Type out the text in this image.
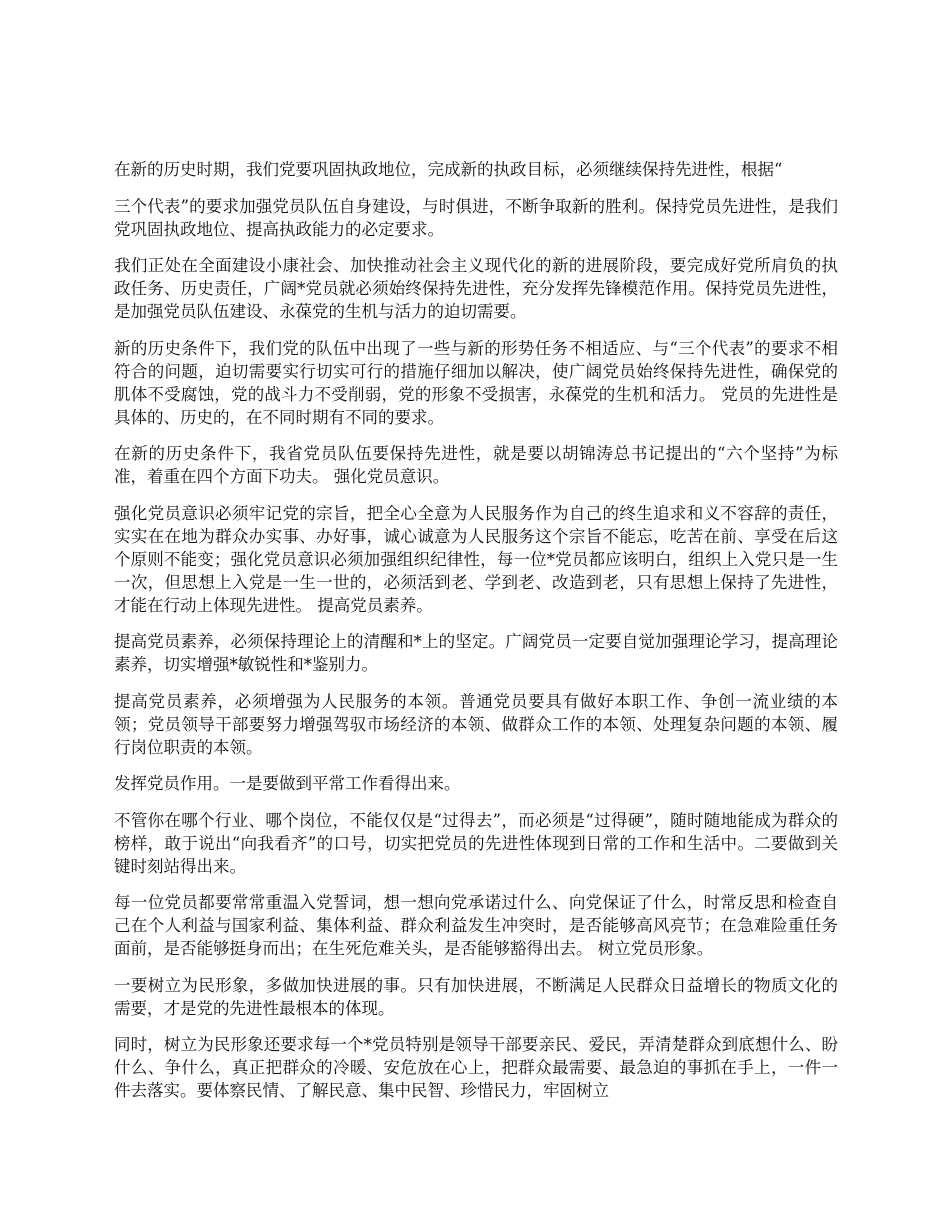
在新的历史时期，我们党要巩固执政地位，完成新的执政目标，必须继续保持先进性，根据“

三个代表”的要求加强党员队伍自身建设，与时俱进，不断争取新的胜利。保持党员先进性，是我们党巩固执政地位、提高执政能力的必定要求。

我们正处在全面建设小康社会、加快推动社会主义现代化的新的进展阶段，要完成好党所肩负的执政任务、历史责任，广阔*党员就必须始终保持先进性，充分发挥先锋模范作用。保持党员先进性，是加强党员队伍建设、永葆党的生机与活力的迫切需要。

新的历史条件下，我们党的队伍中出现了一些与新的形势任务不相适应、与“三个代表”的要求不相符合的问题，迫切需要实行切实可行的措施仔细加以解决，使广阔党员始终保持先进性，确保党的肌体不受腐蚀，党的战斗力不受削弱，党的形象不受损害，永葆党的生机和活力。 党员的先进性是具体的、历史的，在不同时期有不同的要求。

在新的历史条件下，我省党员队伍要保持先进性，就是要以胡锦涛总书记提出的“六个坚持”为标准，着重在四个方面下功夫。 强化党员意识。

强化党员意识必须牢记党的宗旨，把全心全意为人民服务作为自己的终生追求和义不容辞的责任，实实在在地为群众办实事、办好事，诚心诚意为人民服务这个宗旨不能忘，吃苦在前、享受在后这个原则不能变；强化党员意识必须加强组织纪律性，每一位*党员都应该明白，组织上入党只是一生一次，但思想上入党是一生一世的，必须活到老、学到老、改造到老，只有思想上保持了先进性，才能在行动上体现先进性。 提高党员素养。

提高党员素养，必须保持理论上的清醒和*上的坚定。广阔党员一定要自觉加强理论学习，提高理论素养，切实增强*敏锐性和*鉴别力。

提高党员素养，必须增强为人民服务的本领。普通党员要具有做好本职工作、争创一流业绩的本领；党员领导干部要努力增强驾驭市场经济的本领、做群众工作的本领、处理复杂问题的本领、履行岗位职责的本领。

发挥党员作用。一是要做到平常工作看得出来。

不管你在哪个行业、哪个岗位，不能仅仅是“过得去”，而必须是“过得硬”，随时随地能成为群众的榜样，敢于说出“向我看齐”的口号，切实把党员的先进性体现到日常的工作和生活中。二要做到关键时刻站得出来。

每一位党员都要常常重温入党誓词，想一想向党承诺过什么、向党保证了什么，时常反思和检查自己在个人利益与国家利益、集体利益、群众利益发生冲突时，是否能够高风亮节；在急难险重任务面前，是否能够挺身而出；在生死危难关头，是否能够豁得出去。 树立党员形象。

一要树立为民形象，多做加快进展的事。只有加快进展，不断满足人民群众日益增长的物质文化的需要，才是党的先进性最根本的体现。

同时，树立为民形象还要求每一个*党员特别是领导干部要亲民、爱民，弄清楚群众到底想什么、盼什么、争什么，真正把群众的冷暖、安危放在心上，把群众最需要、最急迫的事抓在手上，一件一件去落实。要体察民情、了解民意、集中民智、珍惜民力，牢固树立
